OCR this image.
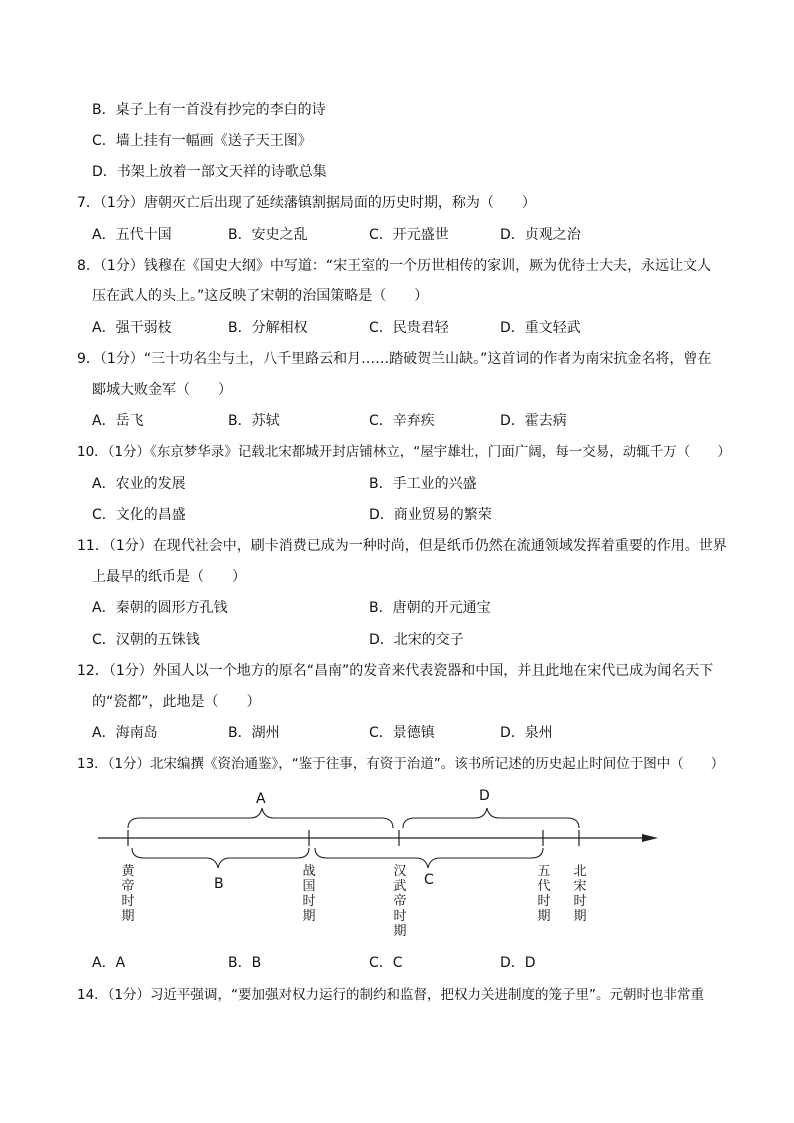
B．桌子上有一首没有抄完的李白的诗
C．墙上挂有一幅画《送子天王图》
D．书架上放着一部文天祥的诗歌总集
7．（1分）唐朝灭亡后出现了延续藩镇割据局面的历史时期，称为（　　）
A．五代十国	B．安史之乱	C．开元盛世	D．贞观之治
8．（1分）钱穆在《国史大纲》中写道：“宋王室的一个历世相传的家训，厥为优待士大夫，永远让文人
压在武人的头上。”这反映了宋朝的治国策略是（　　）
A．强干弱枝	B．分解相权	C．民贵君轻	D．重文轻武
9．（1分）“三十功名尘与土，八千里路云和月……踏破贺兰山缺。”这首词的作者为南宋抗金名将，曾在
郾城大败金军（　　）
A．岳飞	B．苏轼	C．辛弃疾	D．霍去病
10．（1分）《东京梦华录》记载北宋都城开封店铺林立，“屋宇雄壮，门面广阔，每一交易，动辄千万（　　）
A．农业的发展	B．手工业的兴盛
C．文化的昌盛	D．商业贸易的繁荣
11．（1分）在现代社会中，刷卡消费已成为一种时尚，但是纸币仍然在流通领域发挥着重要的作用。世界
上最早的纸币是（　　）
A．秦朝的圆形方孔钱	B．唐朝的开元通宝
C．汉朝的五铢钱	D．北宋的交子
12．（1分）外国人以一个地方的原名“昌南”的发音来代表瓷器和中国，并且此地在宋代已成为闻名天下
的“瓷都”，此地是（　　）
A．海南岛	B．湖州	C．景德镇	D．泉州
13．（1分）北宋编撰《资治通鉴》，“鉴于往事，有资于治道”。该书所记述的历史起止时间位于图中（　　）
A
B	C
D
黄帝时期
战国时期
汉武帝时期
五代时期
北宋时期
A．A	B．B	C．C	D．D
14．（1分）习近平强调，“要加强对权力运行的制约和监督，把权力关进制度的笼子里”。元朝时也非常重
